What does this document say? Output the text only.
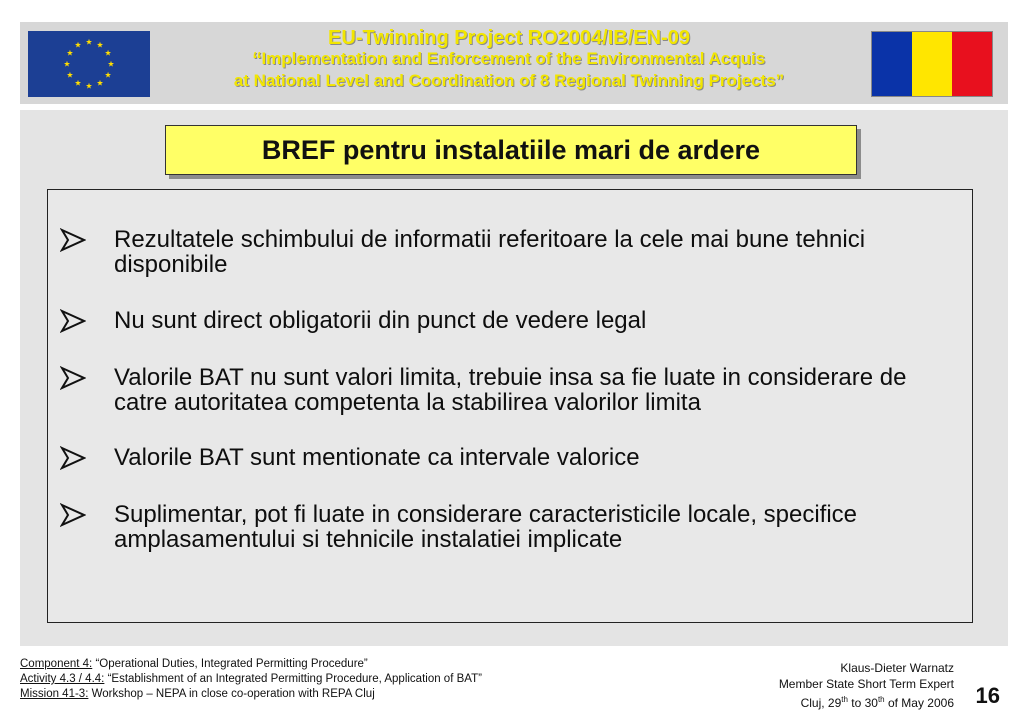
EU-Twinning Project RO2004/IB/EN-09
“Implementation and Enforcement of the Environmental Acquis
at National Level and Coordination of 8 Regional Twinning Projects”
BREF pentru instalatiile mari de ardere
Rezultatele schimbului de informatii referitoare la cele mai bune tehnici disponibile
Nu sunt direct obligatorii din punct de vedere legal
Valorile BAT nu sunt valori limita, trebuie insa sa fie luate in considerare de catre autoritatea competenta la stabilirea valorilor limita
Valorile BAT sunt mentionate ca intervale valorice
Suplimentar, pot fi luate in considerare caracteristicile locale, specifice amplasamentului si tehnicile instalatiei implicate
Component 4: “Operational Duties, Integrated Permitting Procedure”
Activity 4.3 / 4.4: “Establishment of an Integrated Permitting Procedure, Application of BAT”
Mission 41-3: Workshop – NEPA in close co-operation with REPA Cluj
Klaus-Dieter Warnatz
Member State Short Term Expert
Cluj, 29th to 30th of May 2006 16
